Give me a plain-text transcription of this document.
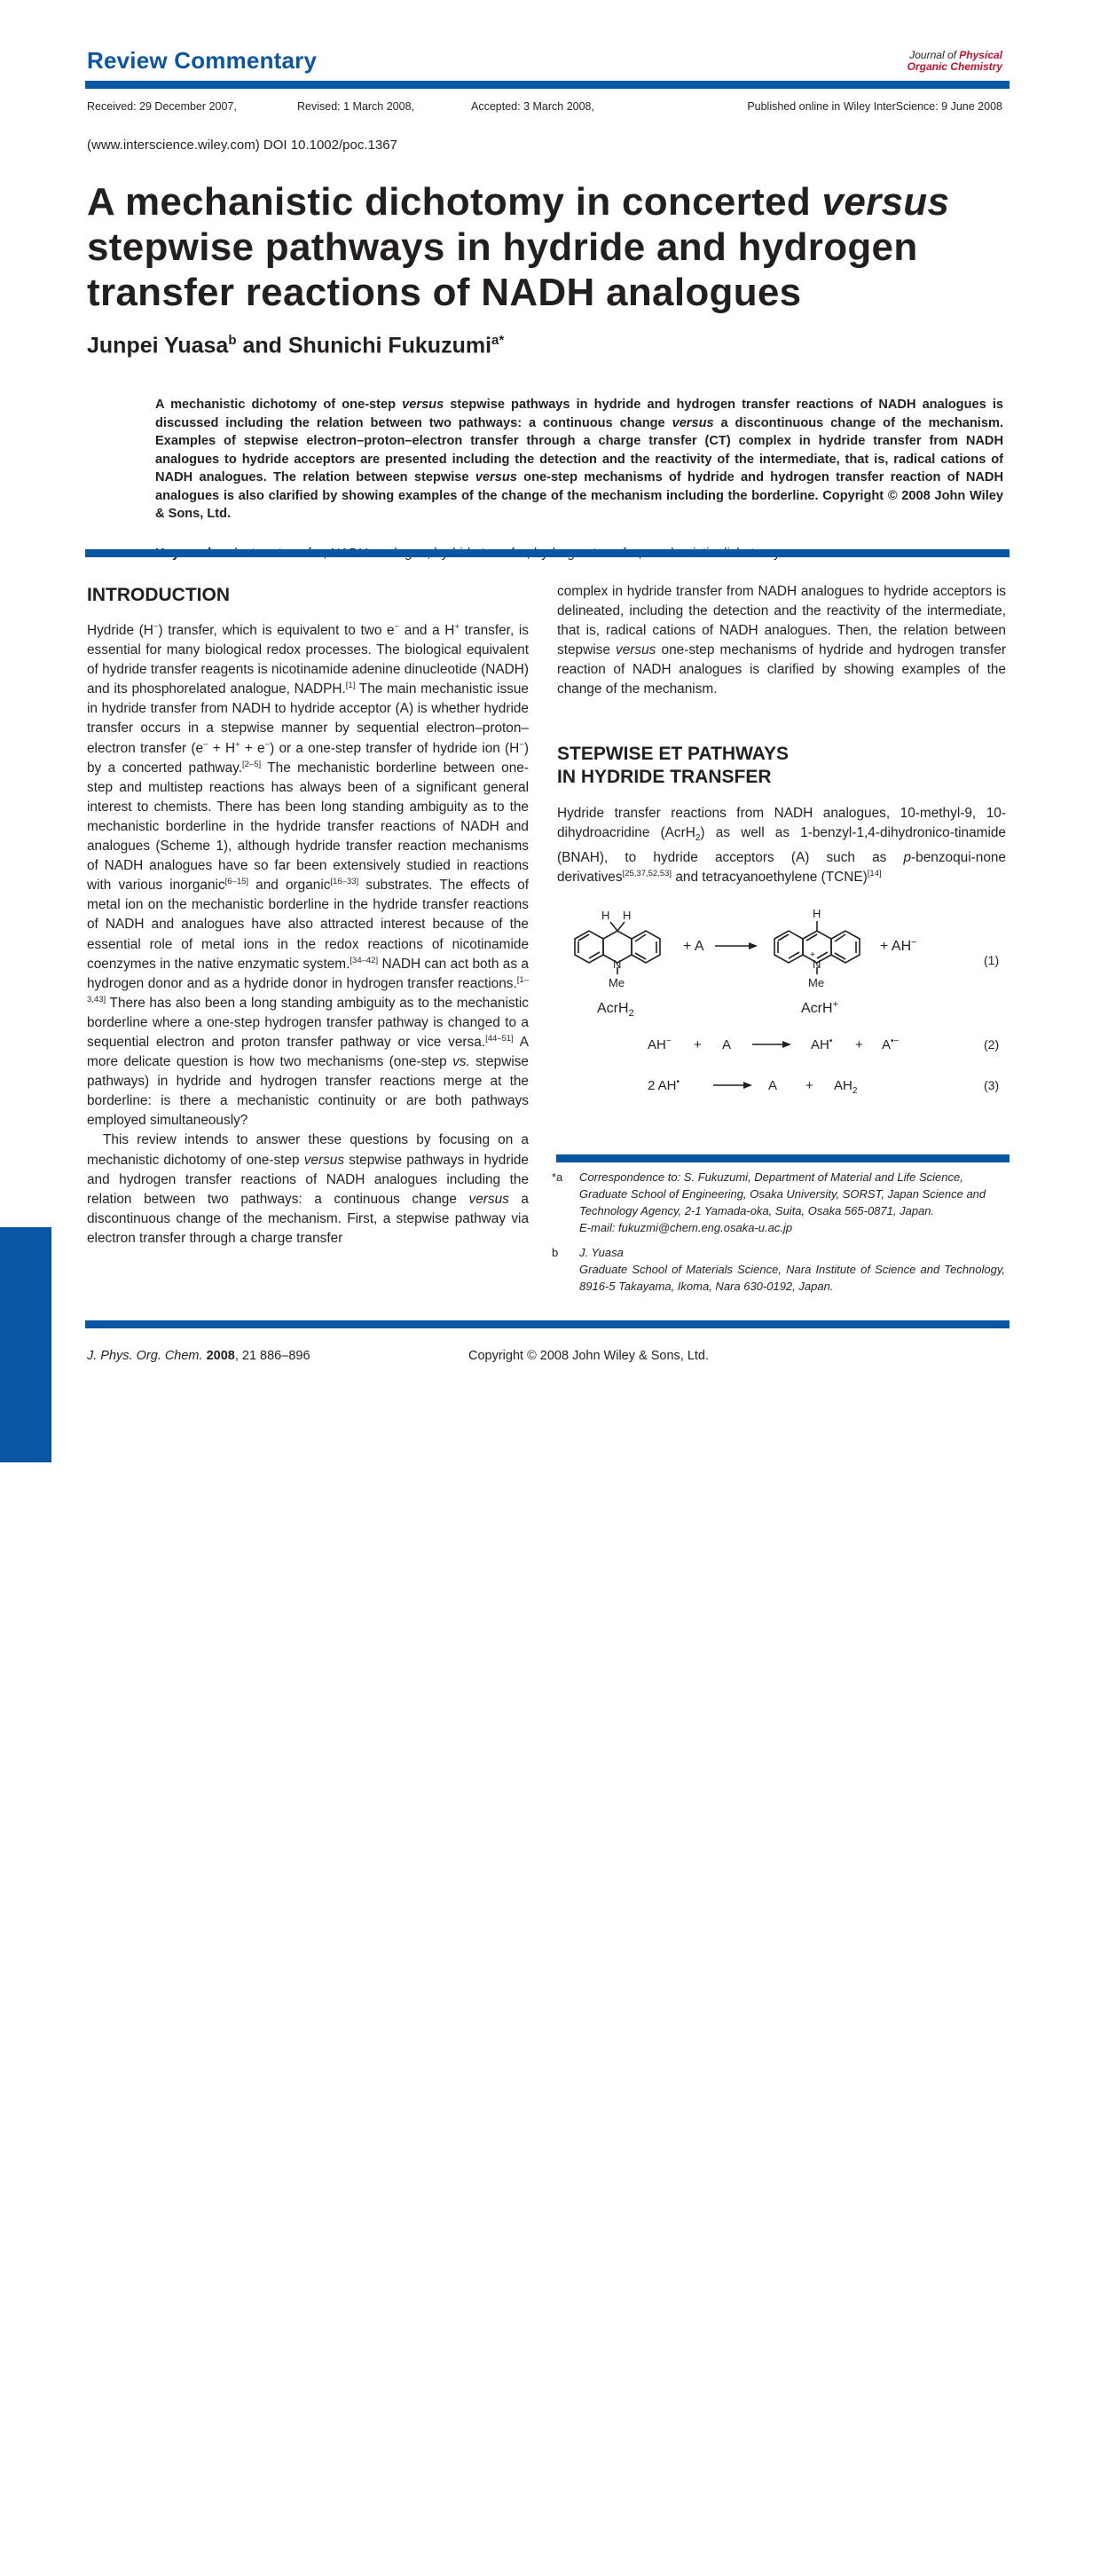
Review Commentary	Journal of Physical
Organic Chemistry
Received: 29 December 2007,	Revised: 1 March 2008,	Accepted: 3 March 2008,	Published online in Wiley InterScience: 9 June 2008
(www.interscience.wiley.com) DOI 10.1002/poc.1367
A mechanistic dichotomy in concerted versus
stepwise pathways in hydride and hydrogen
transfer reactions of NADH analogues
Junpei Yuasa$^b$ and Shunichi Fukuzumi$^{a*}$
A mechanistic dichotomy of one-step versus stepwise pathways in hydride and hydrogen transfer reactions of NADH analogues is discussed including the relation between two pathways: a continuous change versus a discontinuous change of the mechanism. Examples of stepwise electron–proton–electron transfer through a charge transfer (CT) complex in hydride transfer from NADH analogues to hydride acceptors are presented including the detection and the reactivity of the intermediate, that is, radical cations of NADH analogues. The relation between stepwise versus one-step mechanisms of hydride and hydrogen transfer reaction of NADH analogues is also clarified by showing examples of the change of the mechanism including the borderline. Copyright © 2008 John Wiley & Sons, Ltd.
INTRODUCTION

Hydride (H−) transfer, which is equivalent to two e− and a H+ transfer, is essential for many biological redox processes. The biological equivalent of hydride transfer reagents is nicotinamide adenine dinucleotide (NADH) and its phosphorelated analogue, NADPH.[1] The main mechanistic issue in hydride transfer from NADH to hydride acceptor (A) is whether hydride transfer occurs in a stepwise manner by sequential electron–proton–electron transfer (e− + H+ + e−) or a one-step transfer of hydride ion (H−) by a concerted pathway.[2–5] The mechanistic borderline between one-step and multistep reactions has always been of a significant general interest to chemists. There has been long standing ambiguity as to the mechanistic borderline in the hydride transfer reactions of NADH and analogues (Scheme 1), although hydride transfer reaction mechanisms of NADH analogues have so far been extensively studied in reactions with various inorganic[6–15] and organic[16–33] substrates. The effects of metal ion on the mechanistic borderline in the hydride transfer reactions of NADH and analogues have also attracted interest because of the essential role of metal ions in the redox reactions of nicotinamide coenzymes in the native enzymatic system.[34–42] NADH can act both as a hydrogen donor and as a hydride donor in hydrogen transfer reactions.[1–3,43] There has also been a long standing ambiguity as to the mechanistic borderline where a one-step hydrogen transfer pathway is changed to a sequential electron and proton transfer pathway or vice versa.[44–51] A more delicate question is how two mechanisms (one-step vs. stepwise pathways) in hydride and hydrogen transfer reactions merge at the borderline: is there a mechanistic continuity or are both pathways employed simultaneously?

This review intends to answer these questions by focusing on a mechanistic dichotomy of one-step versus stepwise pathways in hydride and hydrogen transfer reactions of NADH analogues including the relation between two pathways: a continuous change versus a discontinuous change of the mechanism. First, a stepwise pathway via electron transfer through a charge transfer

complex in hydride transfer from NADH analogues to hydride acceptors is delineated, including the detection and the reactivity of the intermediate, that is, radical cations of NADH analogues. Then, the relation between stepwise versus one-step mechanisms of hydride and hydrogen transfer reaction of NADH analogues is clarified by showing examples of the change of the mechanism.

STEPWISE ET PATHWAYS
IN HYDRIDE TRANSFER

Hydride transfer reactions from NADH analogues, 10-methyl-9, 10-dihydroacridine (AcrH$_2$) as well as 1-benzyl-1,4-dihydronico-tinamide (BNAH), to hydride acceptors (A) such as p-benzoqui-none derivatives[25,37,52,53] and tetracyanoethylene (TCNE)[14]

H H
N
Me
AcrH$_2$
+ A
H
N
+
Me
AcrH+
+ AH−
(1)
AH− + A	AH• + A•−	(2)
2 AH•	$A + AH_2$	(3)
*a Correspondence to: S. Fukuzumi, Department of Material and Life Science, Graduate School of Engineering, Osaka University, SORST, Japan Science and Technology Agency, 2-1 Yamada-oka, Suita, Osaka 565-0871, Japan.
E-mail: fukuzmi@chem.eng.osaka-u.ac.jp
b J. Yuasa
Graduate School of Materials Science, Nara Institute of Science and Technology, 8916-5 Takayama, Ikoma, Nara 630-0192, Japan.
886
J. Phys. Org. Chem. 2008, 21 886–896	Copyright © 2008 John Wiley & Sons, Ltd.
